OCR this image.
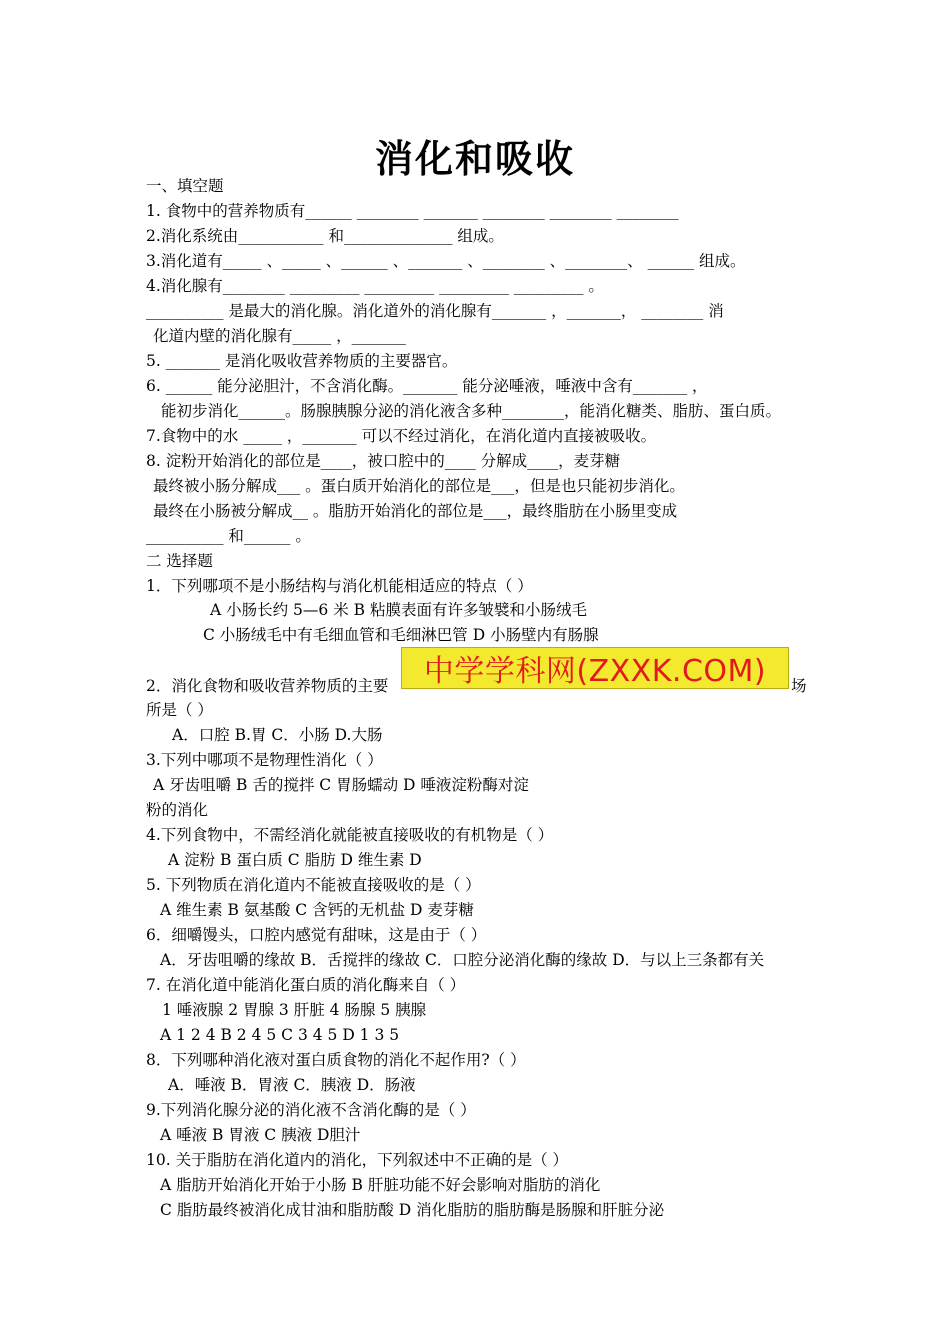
消化和吸收
一、填空题
1. 食物中的营养物质有______ ________ _______ ________ ________ ________
2.消化系统由___________ 和______________ 组成。
3.消化道有_____ 、_____ 、______ 、_______ 、________ 、________、 ______ 组成。
4.消化腺有________ _________ _________ _________ _________ 。
__________ 是最大的消化腺。消化道外的消化腺有_______ ，_______， ________ 消
化道内壁的消化腺有_____ ，_______
5. _______ 是消化吸收营养物质的主要器官。
6. ______ 能分泌胆汁，不含消化酶。_______ 能分泌唾液，唾液中含有_______ ，
能初步消化______。肠腺胰腺分泌的消化液含多种________，能消化糖类、脂肪、蛋白质。
7.食物中的水 _____ ，_______ 可以不经过消化，在消化道内直接被吸收。
8. 淀粉开始消化的部位是____，被口腔中的____ 分解成____，麦芽糖
最终被小肠分解成___ 。蛋白质开始消化的部位是___，但是也只能初步消化。
最终在小肠被分解成__ 。脂肪开始消化的部位是___，最终脂肪在小肠里变成
__________ 和______ 。
二 选择题
1．下列哪项不是小肠结构与消化机能相适应的特点（ ）
A 小肠长约 5—6 米 B 粘膜表面有许多皱襞和小肠绒毛
C 小肠绒毛中有毛细血管和毛细淋巴管 D 小肠壁内有肠腺
2．消化食物和吸收营养物质的主要	场
所是（ ）
A．口腔 B.胃 C．小肠 D.大肠
3.下列中哪项不是物理性消化（ ）
A 牙齿咀嚼 B 舌的搅拌 C 胃肠蠕动 D 唾液淀粉酶对淀
粉的消化
4.下列食物中，不需经消化就能被直接吸收的有机物是（ ）
A 淀粉 B 蛋白质 C 脂肪 D 维生素 D
5. 下列物质在消化道内不能被直接吸收的是（ ）
A 维生素 B 氨基酸 C 含钙的无机盐 D 麦芽糖
6．细嚼馒头，口腔内感觉有甜味，这是由于（ ）
A．牙齿咀嚼的缘故 B．舌搅拌的缘故 C．口腔分泌消化酶的缘故 D．与以上三条都有关
7. 在消化道中能消化蛋白质的消化酶来自（ ）
1 唾液腺 2 胃腺 3 肝脏 4 肠腺 5 胰腺
A 1 2 4 B 2 4 5 C 3 4 5 D 1 3 5
8．下列哪种消化液对蛋白质食物的消化不起作用?（ ）
A．唾液 B．胃液 C．胰液 D．肠液
9.下列消化腺分泌的消化液不含消化酶的是（ ）
A 唾液 B 胃液 C 胰液 D胆汁
10. 关于脂肪在消化道内的消化，下列叙述中不正确的是（ ）
A 脂肪开始消化开始于小肠 B 肝脏功能不好会影响对脂肪的消化
C 脂肪最终被消化成甘油和脂肪酸 D 消化脂肪的脂肪酶是肠腺和肝脏分泌
中学学科网(ZXXK.COM)
